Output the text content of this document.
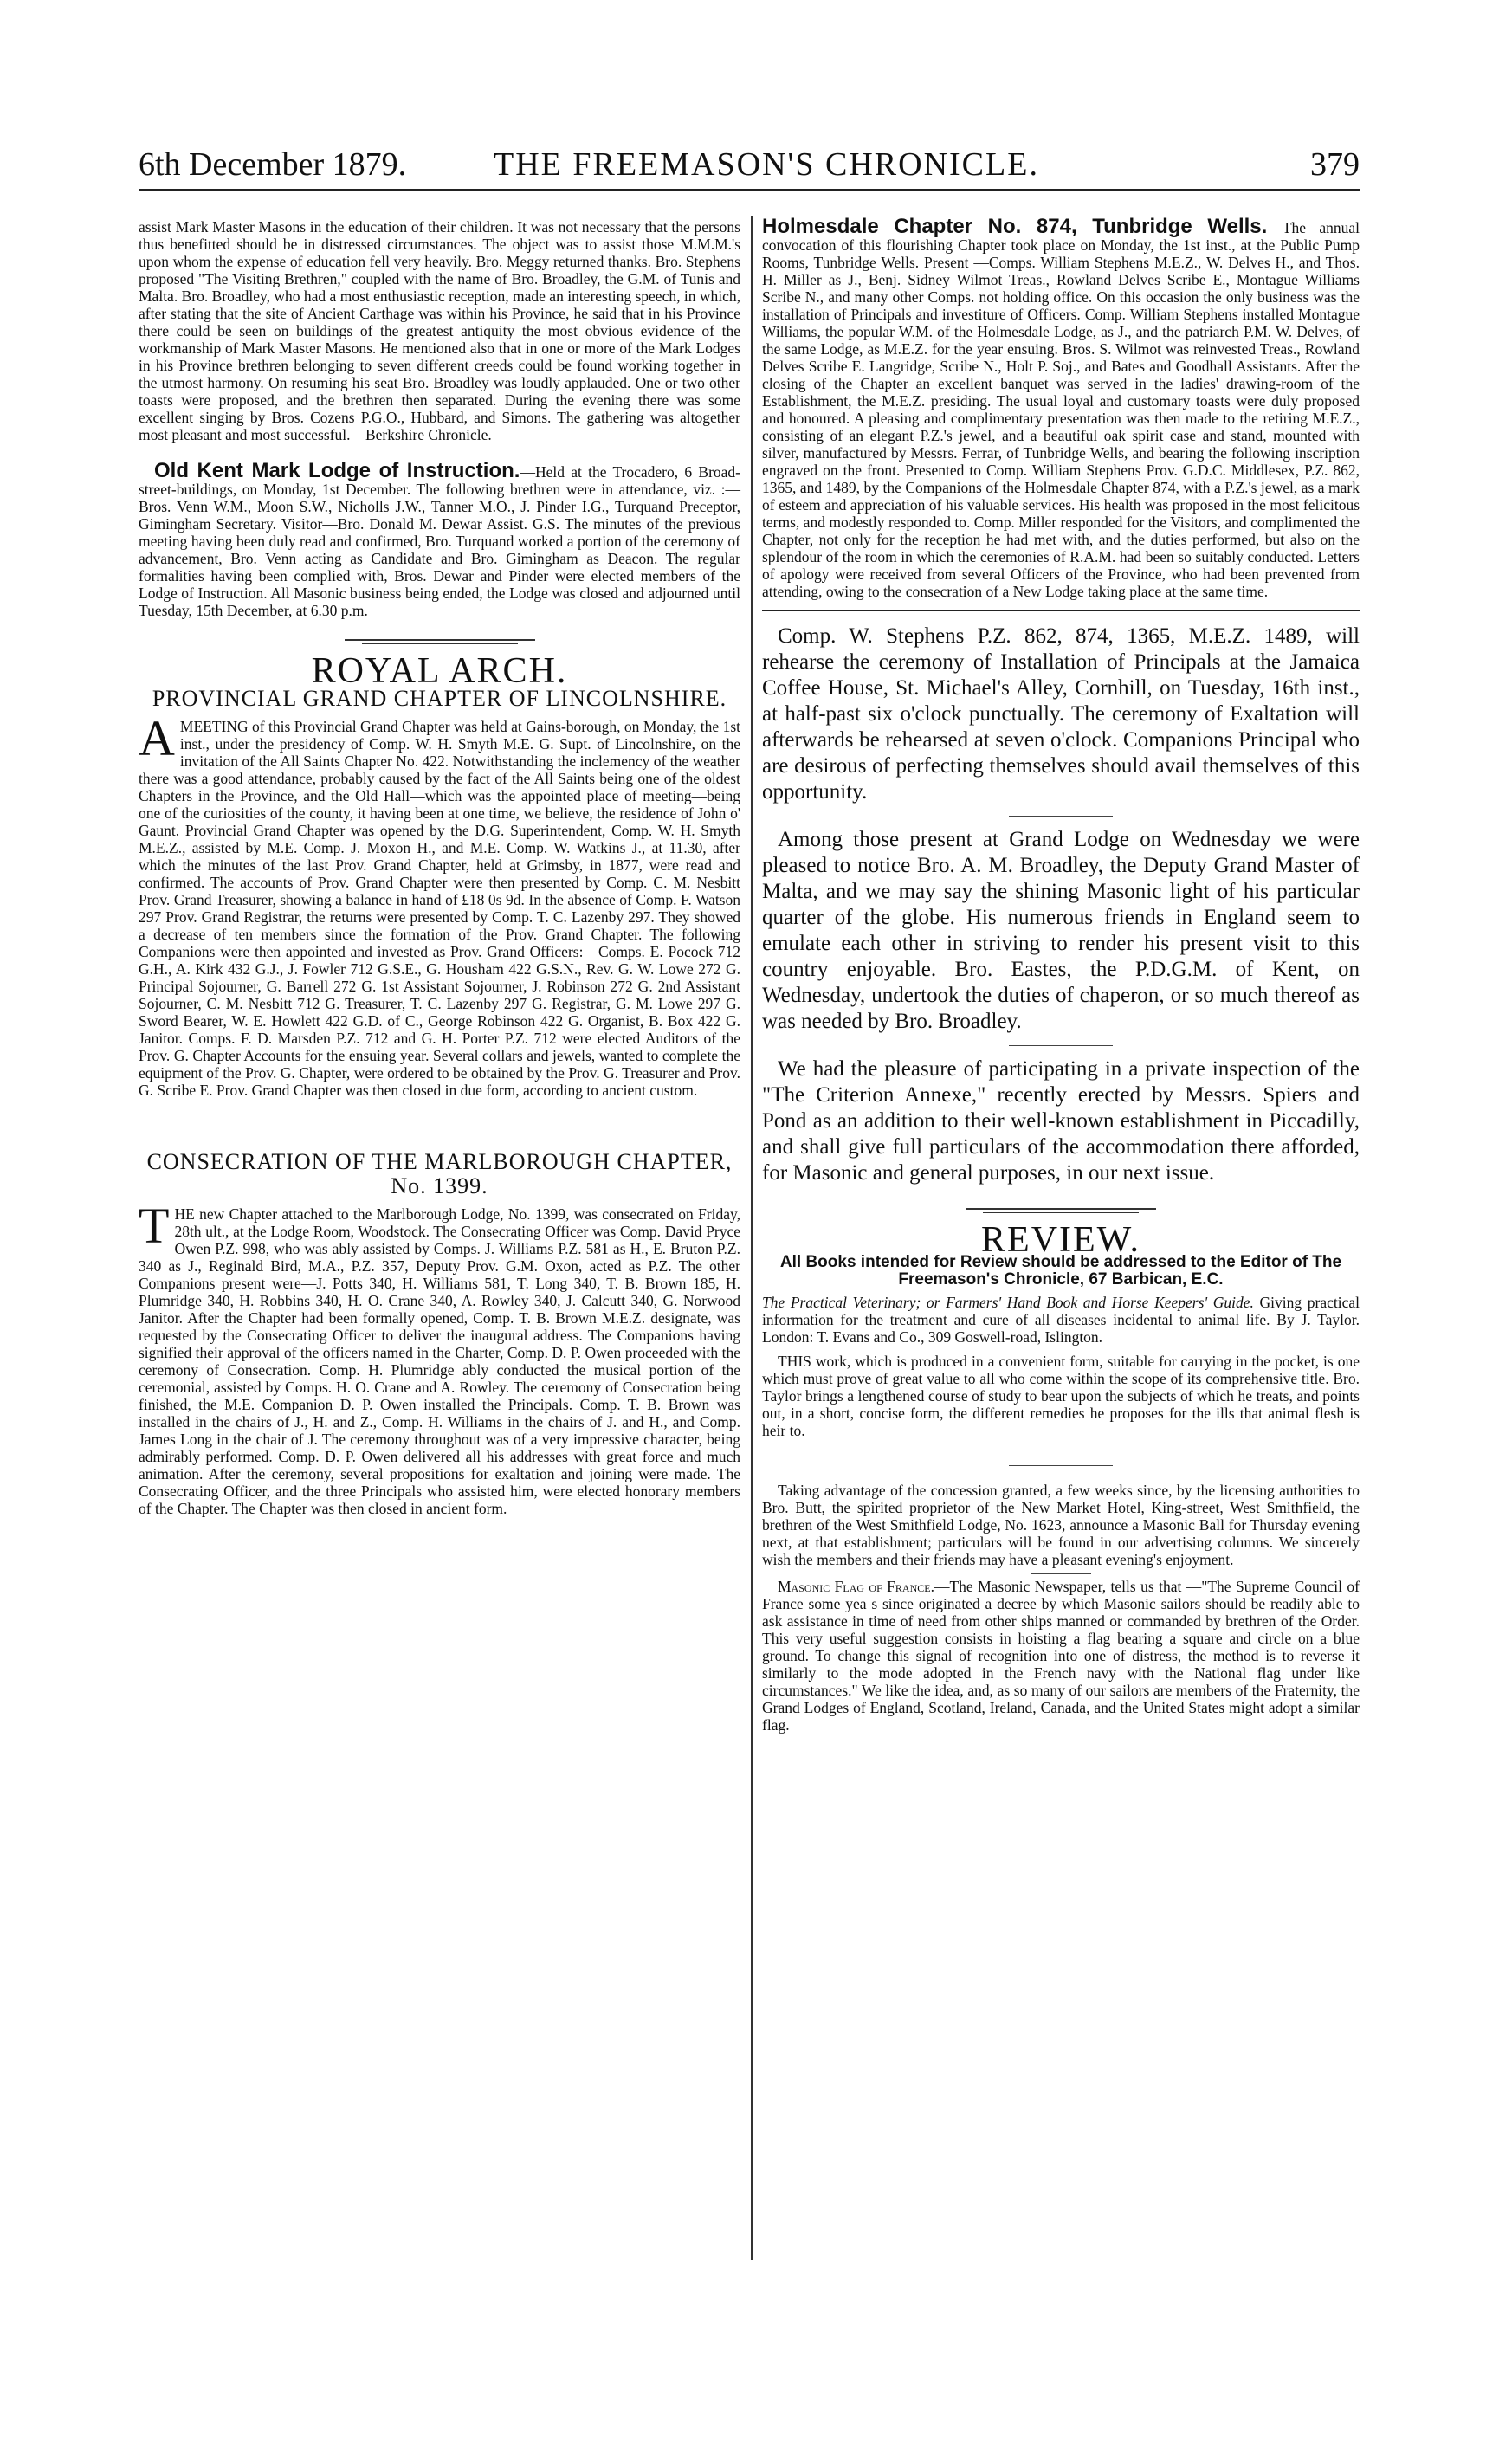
6th December 1879.	THE FREEMASON'S CHRONICLE.	379

assist Mark Master Masons in the education of their children. It was not necessary that the persons thus benefitted should be in distressed circumstances. The object was to assist those M.M.M.'s upon whom the expense of education fell very heavily. Bro. Meggy returned thanks. Bro. Stephens proposed "The Visiting Brethren," coupled with the name of Bro. Broadley, the G.M. of Tunis and Malta. Bro. Broadley, who had a most enthusiastic reception, made an interesting speech, in which, after stating that the site of Ancient Carthage was within his Province, he said that in his Province there could be seen on buildings of the greatest antiquity the most obvious evidence of the workmanship of Mark Master Masons. He mentioned also that in one or more of the Mark Lodges in his Province brethren belonging to seven different creeds could be found working together in the utmost harmony. On resuming his seat Bro. Broadley was loudly applauded. One or two other toasts were proposed, and the brethren then separated. During the evening there was some excellent singing by Bros. Cozens P.G.O., Hubbard, and Simons. The gathering was altogether most pleasant and most successful.—Berkshire Chronicle.

Old Kent Mark Lodge of Instruction.—Held at the Trocadero, 6 Broad-street-buildings, on Monday, 1st December. The following brethren were in attendance, viz. :—Bros. Venn W.M., Moon S.W., Nicholls J.W., Tanner M.O., J. Pinder I.G., Turquand Preceptor, Gimingham Secretary. Visitor—Bro. Donald M. Dewar Assist. G.S. The minutes of the previous meeting having been duly read and confirmed, Bro. Turquand worked a portion of the ceremony of advancement, Bro. Venn acting as Candidate and Bro. Gimingham as Deacon. The regular formalities having been complied with, Bros. Dewar and Pinder were elected members of the Lodge of Instruction. All Masonic business being ended, the Lodge was closed and adjourned until Tuesday, 15th December, at 6.30 p.m.

ROYAL ARCH.
PROVINCIAL GRAND CHAPTER OF LINCOLNSHIRE.

AMEETING of this Provincial Grand Chapter was held at Gains-borough, on Monday, the 1st inst., under the presidency of Comp. W. H. Smyth M.E. G. Supt. of Lincolnshire, on the invitation of the All Saints Chapter No. 422. Notwithstanding the inclemency of the weather there was a good attendance, probably caused by the fact of the All Saints being one of the oldest Chapters in the Province, and the Old Hall—which was the appointed place of meeting—being one of the curiosities of the county, it having been at one time, we believe, the residence of John o' Gaunt. Provincial Grand Chapter was opened by the D.G. Superintendent, Comp. W. H. Smyth M.E.Z., assisted by M.E. Comp. J. Moxon H., and M.E. Comp. W. Watkins J., at 11.30, after which the minutes of the last Prov. Grand Chapter, held at Grimsby, in 1877, were read and confirmed. The accounts of Prov. Grand Chapter were then presented by Comp. C. M. Nesbitt Prov. Grand Treasurer, showing a balance in hand of £18 0s 9d. In the absence of Comp. F. Watson 297 Prov. Grand Registrar, the returns were presented by Comp. T. C. Lazenby 297. They showed a decrease of ten members since the formation of the Prov. Grand Chapter. The following Companions were then appointed and invested as Prov. Grand Officers:—Comps. E. Pocock 712 G.H., A. Kirk 432 G.J., J. Fowler 712 G.S.E., G. Housham 422 G.S.N., Rev. G. W. Lowe 272 G. Principal Sojourner, G. Barrell 272 G. 1st Assistant Sojourner, J. Robinson 272 G. 2nd Assistant Sojourner, C. M. Nesbitt 712 G. Treasurer, T. C. Lazenby 297 G. Registrar, G. M. Lowe 297 G. Sword Bearer, W. E. Howlett 422 G.D. of C., George Robinson 422 G. Organist, B. Box 422 G. Janitor. Comps. F. D. Marsden P.Z. 712 and G. H. Porter P.Z. 712 were elected Auditors of the Prov. G. Chapter Accounts for the ensuing year. Several collars and jewels, wanted to complete the equipment of the Prov. G. Chapter, were ordered to be obtained by the Prov. G. Treasurer and Prov. G. Scribe E. Prov. Grand Chapter was then closed in due form, according to ancient custom.

CONSECRATION OF THE MARLBOROUGH CHAPTER, No. 1399.

THE new Chapter attached to the Marlborough Lodge, No. 1399, was consecrated on Friday, 28th ult., at the Lodge Room, Woodstock. The Consecrating Officer was Comp. David Pryce Owen P.Z. 998, who was ably assisted by Comps. J. Williams P.Z. 581 as H., E. Bruton P.Z. 340 as J., Reginald Bird, M.A., P.Z. 357, Deputy Prov. G.M. Oxon, acted as P.Z. The other Companions present were—J. Potts 340, H. Williams 581, T. Long 340, T. B. Brown 185, H. Plumridge 340, H. Robbins 340, H. O. Crane 340, A. Rowley 340, J. Calcutt 340, G. Norwood Janitor. After the Chapter had been formally opened, Comp. T. B. Brown M.E.Z. designate, was requested by the Consecrating Officer to deliver the inaugural address. The Companions having signified their approval of the officers named in the Charter, Comp. D. P. Owen proceeded with the ceremony of Consecration. Comp. H. Plumridge ably conducted the musical portion of the ceremonial, assisted by Comps. H. O. Crane and A. Rowley. The ceremony of Consecration being finished, the M.E. Companion D. P. Owen installed the Principals. Comp. T. B. Brown was installed in the chairs of J., H. and Z., Comp. H. Williams in the chairs of J. and H., and Comp. James Long in the chair of J. The ceremony throughout was of a very impressive character, being admirably performed. Comp. D. P. Owen delivered all his addresses with great force and much animation. After the ceremony, several propositions for exaltation and joining were made. The Consecrating Officer, and the three Principals who assisted him, were elected honorary members of the Chapter. The Chapter was then closed in ancient form.

Holmesdale Chapter No. 874, Tunbridge Wells.—The annual convocation of this flourishing Chapter took place on Monday, the 1st inst., at the Public Pump Rooms, Tunbridge Wells. Present —Comps. William Stephens M.E.Z., W. Delves H., and Thos. H. Miller as J., Benj. Sidney Wilmot Treas., Rowland Delves Scribe E., Montague Williams Scribe N., and many other Comps. not holding office. On this occasion the only business was the installation of Principals and investiture of Officers. Comp. William Stephens installed Montague Williams, the popular W.M. of the Holmesdale Lodge, as J., and the patriarch P.M. W. Delves, of the same Lodge, as M.E.Z. for the year ensuing. Bros. S. Wilmot was reinvested Treas., Rowland Delves Scribe E. Langridge, Scribe N., Holt P. Soj., and Bates and Goodhall Assistants. After the closing of the Chapter an excellent banquet was served in the ladies' drawing-room of the Establishment, the M.E.Z. presiding. The usual loyal and customary toasts were duly proposed and honoured. A pleasing and complimentary presentation was then made to the retiring M.E.Z., consisting of an elegant P.Z.'s jewel, and a beautiful oak spirit case and stand, mounted with silver, manufactured by Messrs. Ferrar, of Tunbridge Wells, and bearing the following inscription engraved on the front. Presented to Comp. William Stephens Prov. G.D.C. Middlesex, P.Z. 862, 1365, and 1489, by the Companions of the Holmesdale Chapter 874, with a P.Z.'s jewel, as a mark of esteem and appreciation of his valuable services. His health was proposed in the most felicitous terms, and modestly responded to. Comp. Miller responded for the Visitors, and complimented the Chapter, not only for the reception he had met with, and the duties performed, but also on the splendour of the room in which the ceremonies of R.A.M. had been so suitably conducted. Letters of apology were received from several Officers of the Province, who had been prevented from attending, owing to the consecration of a New Lodge taking place at the same time.

Comp. W. Stephens P.Z. 862, 874, 1365, M.E.Z. 1489, will rehearse the ceremony of Installation of Principals at the Jamaica Coffee House, St. Michael's Alley, Cornhill, on Tuesday, 16th inst., at half-past six o'clock punctually. The ceremony of Exaltation will afterwards be rehearsed at seven o'clock. Companions Principal who are desirous of perfecting themselves should avail themselves of this opportunity.

Among those present at Grand Lodge on Wednesday we were pleased to notice Bro. A. M. Broadley, the Deputy Grand Master of Malta, and we may say the shining Masonic light of his particular quarter of the globe. His numerous friends in England seem to emulate each other in striving to render his present visit to this country enjoyable. Bro. Eastes, the P.D.G.M. of Kent, on Wednesday, undertook the duties of chaperon, or so much thereof as was needed by Bro. Broadley.

We had the pleasure of participating in a private inspection of the "The Criterion Annexe," recently erected by Messrs. Spiers and Pond as an addition to their well-known establishment in Piccadilly, and shall give full particulars of the accommodation there afforded, for Masonic and general purposes, in our next issue.

REVIEW.
All Books intended for Review should be addressed to the Editor of The Freemason's Chronicle, 67 Barbican, E.C.

The Practical Veterinary; or Farmers' Hand Book and Horse Keepers' Guide. Giving practical information for the treatment and cure of all diseases incidental to animal life. By J. Taylor. London: T. Evans and Co., 309 Goswell-road, Islington.

THIS work, which is produced in a convenient form, suitable for carrying in the pocket, is one which must prove of great value to all who come within the scope of its comprehensive title. Bro. Taylor brings a lengthened course of study to bear upon the subjects of which he treats, and points out, in a short, concise form, the different remedies he proposes for the ills that animal flesh is heir to.

Taking advantage of the concession granted, a few weeks since, by the licensing authorities to Bro. Butt, the spirited proprietor of the New Market Hotel, King-street, West Smithfield, the brethren of the West Smithfield Lodge, No. 1623, announce a Masonic Ball for Thursday evening next, at that establishment; particulars will be found in our advertising columns. We sincerely wish the members and their friends may have a pleasant evening's enjoyment.

Masonic Flag of France.—The Masonic Newspaper, tells us that —"The Supreme Council of France some yea s since originated a decree by which Masonic sailors should be readily able to ask assistance in time of need from other ships manned or commanded by brethren of the Order. This very useful suggestion consists in hoisting a flag bearing a square and circle on a blue ground. To change this signal of recognition into one of distress, the method is to reverse it similarly to the mode adopted in the French navy with the National flag under like circumstances." We like the idea, and, as so many of our sailors are members of the Fraternity, the Grand Lodges of England, Scotland, Ireland, Canada, and the United States might adopt a similar flag.
